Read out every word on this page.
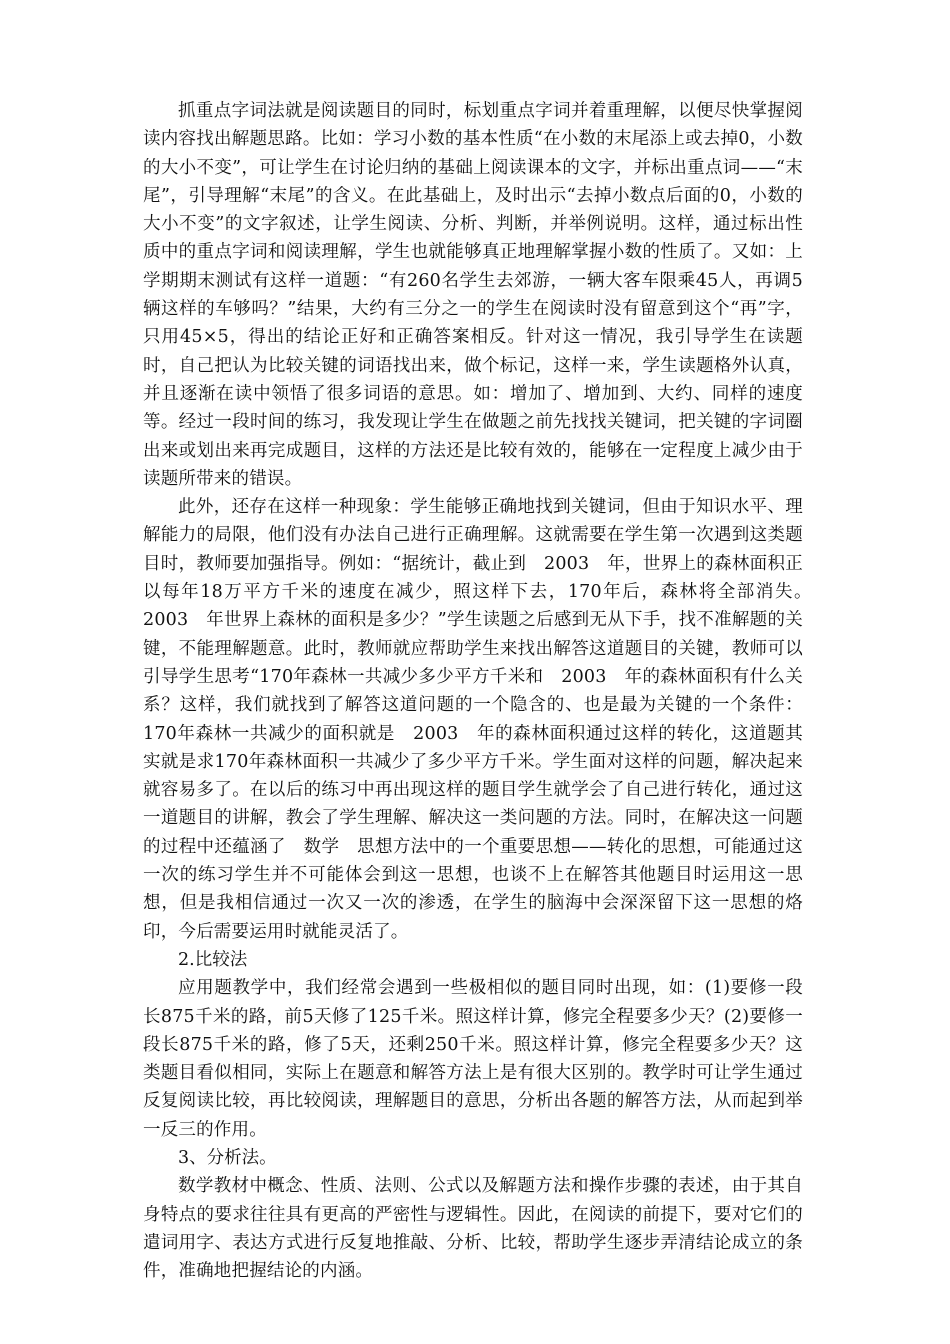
抓重点字词法就是阅读题目的同时，标划重点字词并着重理解，以便尽快掌握阅读内容找出解题思路。比如：学习小数的基本性质“在小数的末尾添上或去掉0，小数的大小不变”，可让学生在讨论归纳的基础上阅读课本的文字，并标出重点词——“末尾”，引导理解“末尾”的含义。在此基础上，及时出示“去掉小数点后面的0，小数的大小不变”的文字叙述，让学生阅读、分析、判断，并举例说明。这样，通过标出性质中的重点字词和阅读理解，学生也就能够真正地理解掌握小数的性质了。又如：上学期期末测试有这样一道题：“有260名学生去郊游，一辆大客车限乘45人，再调5辆这样的车够吗？”结果，大约有三分之一的学生在阅读时没有留意到这个“再”字，只用45×5，得出的结论正好和正确答案相反。针对这一情况，我引导学生在读题时，自己把认为比较关键的词语找出来，做个标记，这样一来，学生读题格外认真，并且逐渐在读中领悟了很多词语的意思。如：增加了、增加到、大约、同样的速度等。经过一段时间的练习，我发现让学生在做题之前先找找关键词，把关键的字词圈出来或划出来再完成题目，这样的方法还是比较有效的，能够在一定程度上减少由于读题所带来的错误。

此外，还存在这样一种现象：学生能够正确地找到关键词，但由于知识水平、理解能力的局限，他们没有办法自己进行正确理解。这就需要在学生第一次遇到这类题目时，教师要加强指导。例如：“据统计，截止到　2003　年，世界上的森林面积正以每年18万平方千米的速度在减少，照这样下去，170年后，森林将全部消失。　2003　年世界上森林的面积是多少？”学生读题之后感到无从下手，找不准解题的关键，不能理解题意。此时，教师就应帮助学生来找出解答这道题目的关键，教师可以引导学生思考“170年森林一共减少多少平方千米和　2003　年的森林面积有什么关系？这样，我们就找到了解答这道问题的一个隐含的、也是最为关键的一个条件：170年森林一共减少的面积就是　2003　年的森林面积通过这样的转化，这道题其实就是求170年森林面积一共减少了多少平方千米。学生面对这样的问题，解决起来就容易多了。在以后的练习中再出现这样的题目学生就学会了自己进行转化，通过这一道题目的讲解，教会了学生理解、解决这一类问题的方法。同时，在解决这一问题的过程中还蕴涵了　数学　思想方法中的一个重要思想——转化的思想，可能通过这一次的练习学生并不可能体会到这一思想，也谈不上在解答其他题目时运用这一思想，但是我相信通过一次又一次的渗透，在学生的脑海中会深深留下这一思想的烙印，今后需要运用时就能灵活了。

2.比较法

应用题教学中，我们经常会遇到一些极相似的题目同时出现，如：(1)要修一段长875千米的路，前5天修了125千米。照这样计算，修完全程要多少天？(2)要修一段长875千米的路，修了5天，还剩250千米。照这样计算，修完全程要多少天？这类题目看似相同，实际上在题意和解答方法上是有很大区别的。教学时可让学生通过反复阅读比较，再比较阅读，理解题目的意思，分析出各题的解答方法，从而起到举一反三的作用。

3、分析法。

数学教材中概念、性质、法则、公式以及解题方法和操作步骤的表述，由于其自身特点的要求往往具有更高的严密性与逻辑性。因此，在阅读的前提下，要对它们的遣词用字、表达方式进行反复地推敲、分析、比较，帮助学生逐步弄清结论成立的条件，准确地把握结论的内涵。
